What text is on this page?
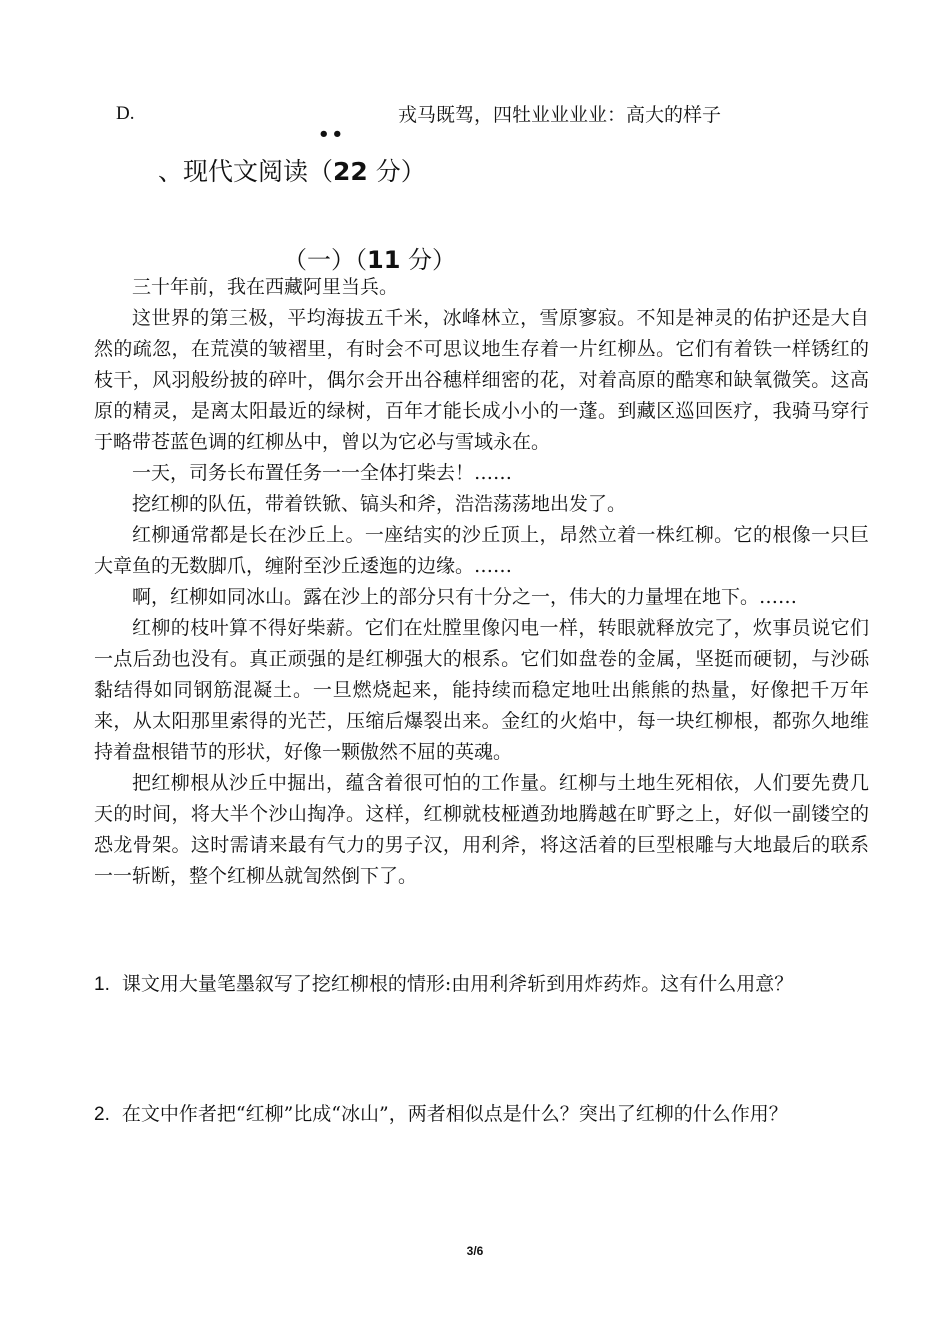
D.	戎马既驾，四牡业业业业：高大的样子
••
、现代文阅读（22 分）
（一）（11 分）

三十年前，我在西藏阿里当兵。

这世界的第三极，平均海拔五千米，冰峰林立，雪原寥寂。不知是神灵的佑护还是大自然的疏忽，在荒漠的皱褶里，有时会不可思议地生存着一片红柳丛。它们有着铁一样锈红的枝干，风羽般纷披的碎叶，偶尔会开出谷穗样细密的花，对着高原的酷寒和缺氧微笑。这高原的精灵，是离太阳最近的绿树，百年才能长成小小的一蓬。到藏区巡回医疗，我骑马穿行于略带苍蓝色调的红柳丛中，曾以为它必与雪域永在。

一天，司务长布置任务一一全体打柴去！……

挖红柳的队伍，带着铁锨、镐头和斧，浩浩荡荡地出发了。

红柳通常都是长在沙丘上。一座结实的沙丘顶上，昂然立着一株红柳。它的根像一只巨大章鱼的无数脚爪，缠附至沙丘逶迤的边缘。……

啊，红柳如同冰山。露在沙上的部分只有十分之一，伟大的力量埋在地下。……

红柳的枝叶算不得好柴薪。它们在灶膛里像闪电一样，转眼就释放完了，炊事员说它们一点后劲也没有。真正顽强的是红柳强大的根系。它们如盘卷的金属，坚挺而硬韧，与沙砾黏结得如同钢筋混凝土。一旦燃烧起来，能持续而稳定地吐出熊熊的热量，好像把千万年来，从太阳那里索得的光芒，压缩后爆裂出来。金红的火焰中，每一块红柳根，都弥久地维持着盘根错节的形状，好像一颗傲然不屈的英魂。

把红柳根从沙丘中掘出，蕴含着很可怕的工作量。红柳与土地生死相依，人们要先费几天的时间，将大半个沙山掏净。这样，红柳就枝桠遒劲地腾越在旷野之上，好似一副镂空的恐龙骨架。这时需请来最有气力的男子汉，用利斧，将这活着的巨型根雕与大地最后的联系一一斩断，整个红柳丛就訇然倒下了。

1. 课文用大量笔墨叙写了挖红柳根的情形:由用利斧斩到用炸药炸。这有什么用意？
2. 在文中作者把“红柳”比成“冰山”，两者相似点是什么？突出了红柳的什么作用？
3/6
